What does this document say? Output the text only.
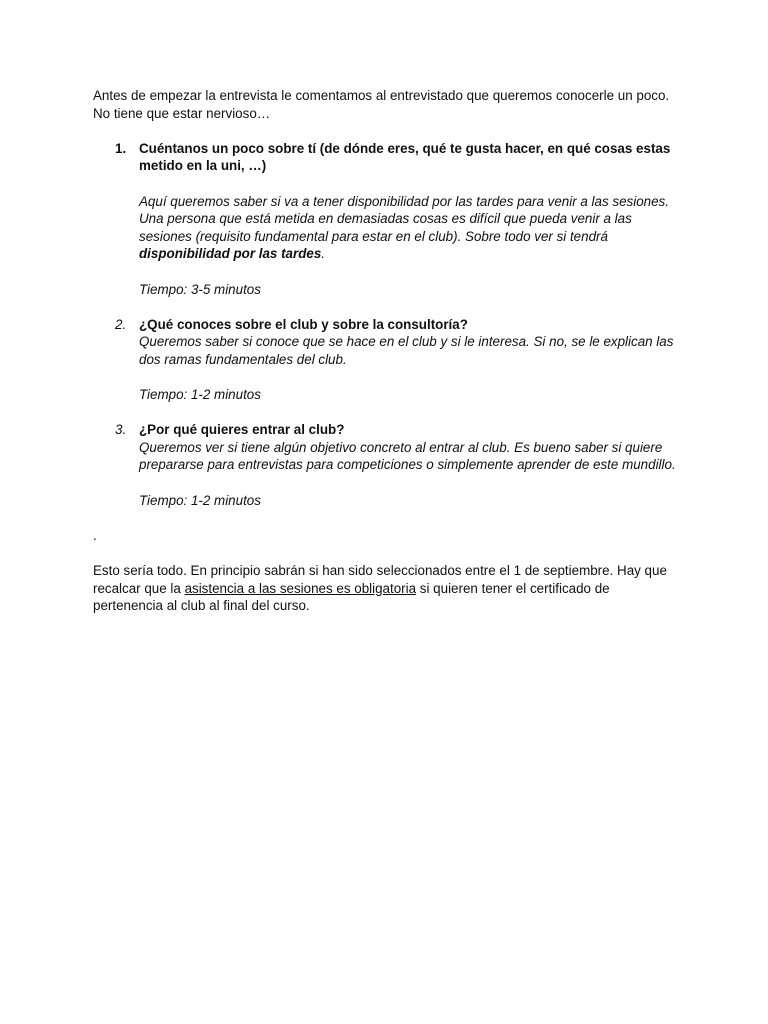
Antes de empezar la entrevista le comentamos al entrevistado que queremos conocerle un poco. No tiene que estar nervioso…

1. Cuéntanos un poco sobre tí (de dónde eres, qué te gusta hacer, en qué cosas estas metido en la uni, …)

Aquí queremos saber si va a tener disponibilidad por las tardes para venir a las sesiones. Una persona que está metida en demasiadas cosas es difícil que pueda venir a las sesiones (requisito fundamental para estar en el club). Sobre todo ver si tendrá disponibilidad por las tardes.

Tiempo: 3-5 minutos

2. ¿Qué conoces sobre el club y sobre la consultoría?

Queremos saber si conoce que se hace en el club y si le interesa. Si no, se le explican las dos ramas fundamentales del club.

Tiempo: 1-2 minutos

3. ¿Por qué quieres entrar al club?

Queremos ver si tiene algún objetivo concreto al entrar al club. Es bueno saber si quiere prepararse para entrevistas para competiciones o simplemente aprender de este mundillo.

Tiempo: 1-2 minutos

.

Esto sería todo. En principio sabrán si han sido seleccionados entre el 1 de septiembre. Hay que recalcar que la asistencia a las sesiones es obligatoria si quieren tener el certificado de pertenencia al club al final del curso.
